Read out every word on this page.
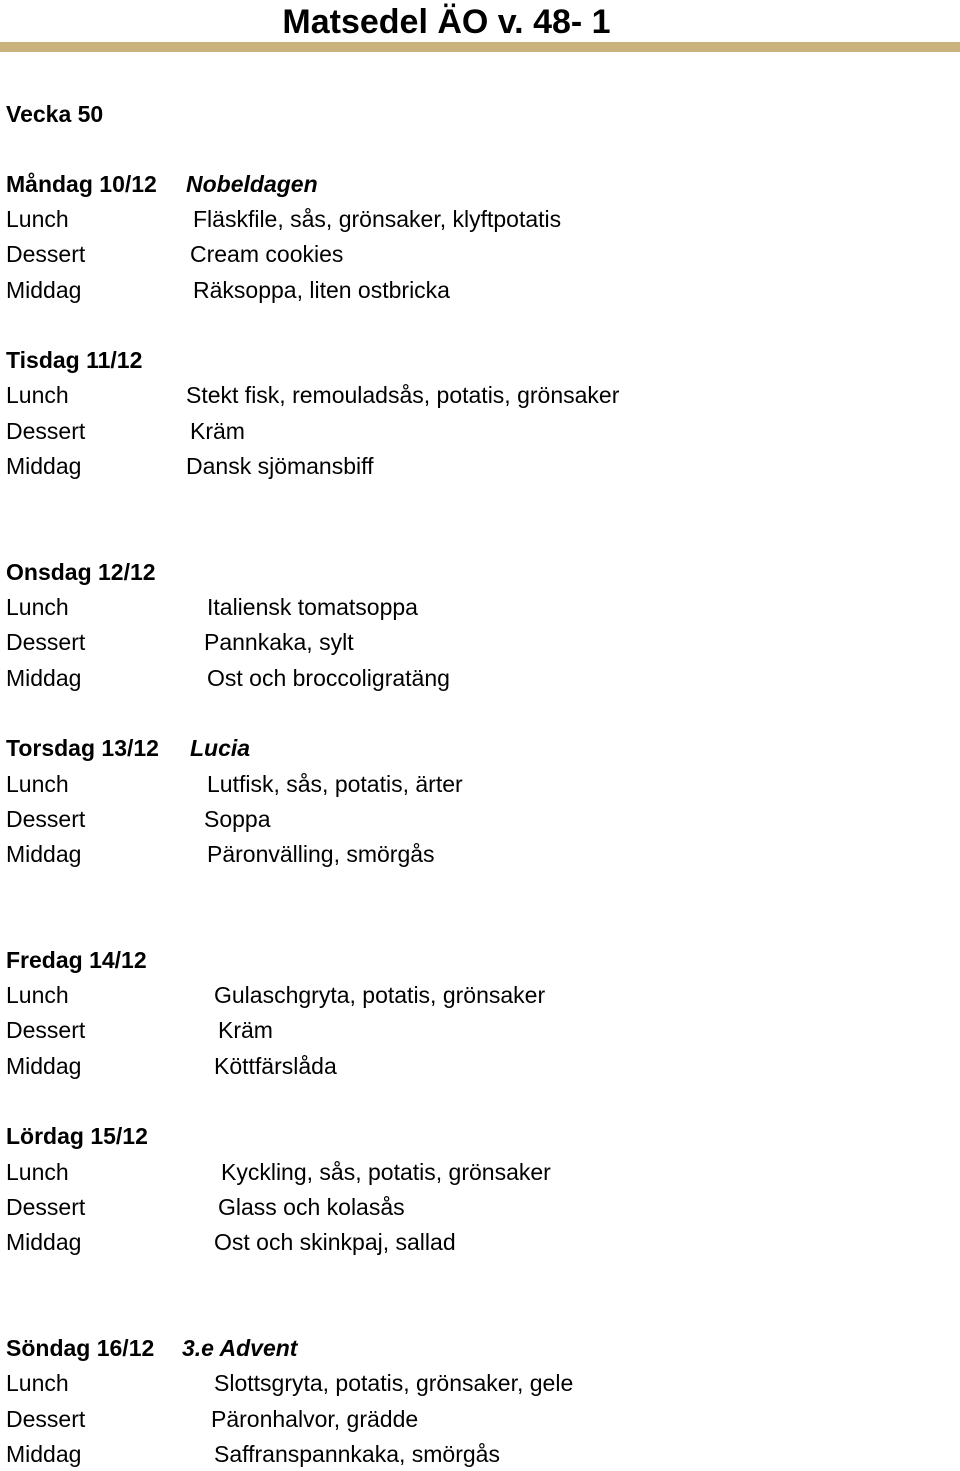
Matsedel ÄO v. 48- 1
Vecka 50
Måndag 10/12 Nobeldagen
Lunch	Fläskfile, sås, grönsaker, klyftpotatis
Dessert	Cream cookies
Middag	Räksoppa, liten ostbricka
Tisdag 11/12
Lunch	Stekt fisk, remouladsås, potatis, grönsaker
Dessert	Kräm
Middag	Dansk sjömansbiff
Onsdag 12/12
Lunch	Italiensk tomatsoppa
Dessert	Pannkaka, sylt
Middag	Ost och broccoligratäng
Torsdag 13/12 Lucia
Lunch	Lutfisk, sås, potatis, ärter
Dessert	Soppa
Middag	Päronvälling, smörgås
Fredag 14/12
Lunch	Gulaschgryta, potatis, grönsaker
Dessert	Kräm
Middag	Köttfärslåda
Lördag 15/12
Lunch	Kyckling, sås, potatis, grönsaker
Dessert	Glass och kolasås
Middag	Ost och skinkpaj, sallad
Söndag 16/12 3.e Advent
Lunch	Slottsgryta, potatis, grönsaker, gele
Dessert	Päronhalvor, grädde
Middag	Saffranspannkaka, smörgås
